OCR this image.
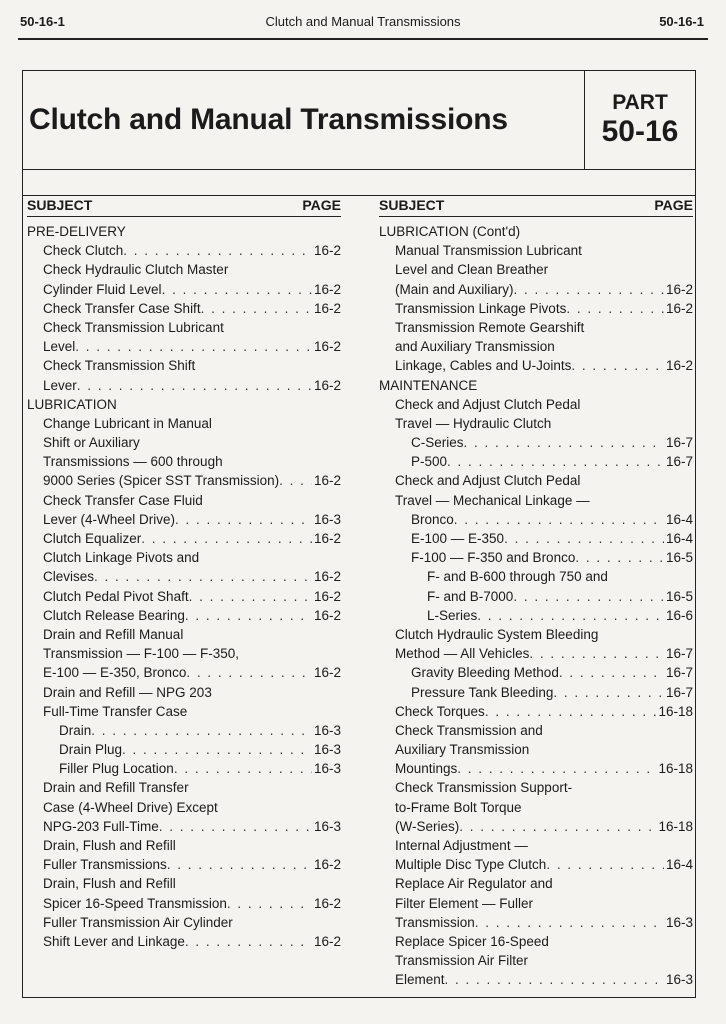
50-16-1	Clutch and Manual Transmissions	50-16-1
Clutch and Manual Transmissions
PART
50-16
SUBJECT	PAGE
PRE-DELIVERY
Check Clutch . . .	16-2
Check Hydraulic Clutch Master
Cylinder Fluid Level . . .	16-2
Check Transfer Case Shift . . .	16-2
Check Transmission Lubricant
Level . . .	16-2
Check Transmission Shift
Lever . . .	16-2
LUBRICATION
Change Lubricant in Manual
Shift or Auxiliary
Transmissions — 600 through
9000 Series (Spicer SST Transmission) . . .	16-2
Check Transfer Case Fluid
Lever (4-Wheel Drive) . . .	16-3
Clutch Equalizer . . .	16-2
Clutch Linkage Pivots and
Clevises . . .	16-2
Clutch Pedal Pivot Shaft . . .	16-2
Clutch Release Bearing . . .	16-2
Drain and Refill Manual
Transmission — F-100 — F-350,
E-100 — E-350, Bronco . . .	16-2
Drain and Refill — NPG 203
Full-Time Transfer Case
Drain . . .	16-3
Drain Plug . . .	16-3
Filler Plug Location . . .	16-3
Drain and Refill Transfer
Case (4-Wheel Drive) Except
NPG-203 Full-Time . . .	16-3
Drain, Flush and Refill
Fuller Transmissions . . .	16-2
Drain, Flush and Refill
Spicer 16-Speed Transmission . . .	16-2
Fuller Transmission Air Cylinder
Shift Lever and Linkage . . .	16-2
SUBJECT	PAGE
LUBRICATION (Cont'd)
Manual Transmission Lubricant
Level and Clean Breather
(Main and Auxiliary) . . .	16-2
Transmission Linkage Pivots . . .	16-2
Transmission Remote Gearshift
and Auxiliary Transmission
Linkage, Cables and U-Joints . . .	16-2
MAINTENANCE
Check and Adjust Clutch Pedal
Travel — Hydraulic Clutch
C-Series . . .	16-7
P-500 . . .	16-7
Check and Adjust Clutch Pedal
Travel — Mechanical Linkage —
Bronco . . .	16-4
E-100 — E-350 . . .	16-4
F-100 — F-350 and Bronco . . .	16-5
F- and B-600 through 750 and
F- and B-7000 . . .	16-5
L-Series . . .	16-6
Clutch Hydraulic System Bleeding
Method — All Vehicles . . .	16-7
Gravity Bleeding Method . . .	16-7
Pressure Tank Bleeding . . .	16-7
Check Torques . . .	16-18
Check Transmission and
Auxiliary Transmission
Mountings . . .	16-18
Check Transmission Support-
to-Frame Bolt Torque
(W-Series) . . .	16-18
Internal Adjustment —
Multiple Disc Type Clutch . . .	16-4
Replace Air Regulator and
Filter Element — Fuller
Transmission . . .	16-3
Replace Spicer 16-Speed
Transmission Air Filter
Element . . .	16-3
